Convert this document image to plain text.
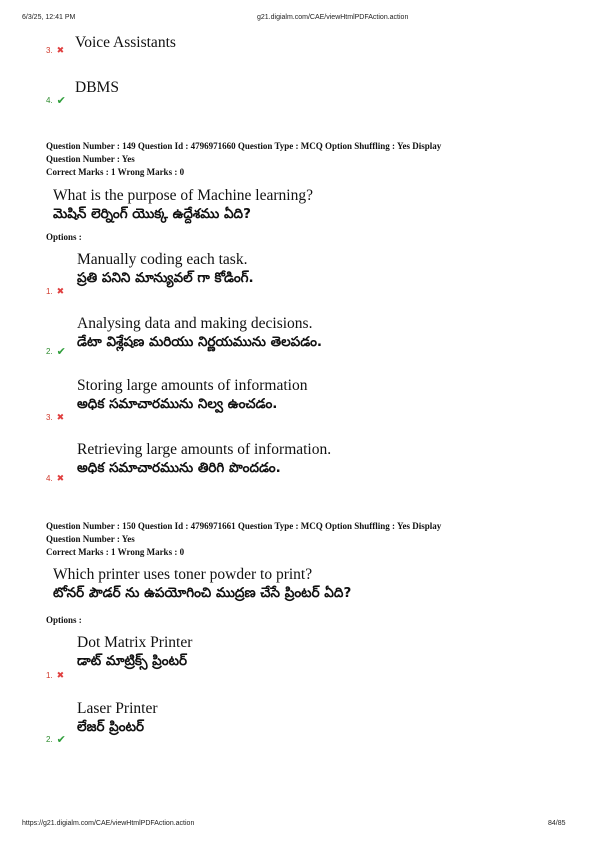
6/3/25, 12:41 PM	g21.digialm.com/CAE/viewHtmlPDFAction.action
Voice Assistants
3. ✖
DBMS
4. ✔
Question Number : 149 Question Id : 4796971660 Question Type : MCQ Option Shuffling : Yes Display
Question Number : Yes
Correct Marks : 1 Wrong Marks : 0
What is the purpose of Machine learning?
మెషిన్ లెర్నింగ్ యొక్క ఉద్దేశము ఏది?
Options :
Manually coding each task.
ప్రతి పనిని మాన్యువల్ గా కోడింగ్.
1. ✖
Analysing data and making decisions.
డేటా విశ్లేషణ మరియు నిర్ణయమును తెలపడం.
2. ✔
Storing large amounts of information
అధిక సమాచారమును నిల్వ ఉంచడం.
3. ✖
Retrieving large amounts of information.
అధిక సమాచారమును తిరిగి పొందడం.
4. ✖
Question Number : 150 Question Id : 4796971661 Question Type : MCQ Option Shuffling : Yes Display
Question Number : Yes
Correct Marks : 1 Wrong Marks : 0
Which printer uses toner powder to print?
టోనర్ పౌడర్ ను ఉపయోగించి ముద్రణ చేసే ప్రింటర్ ఏది?
Options :
Dot Matrix Printer
డాట్ మాట్రిక్స్ ప్రింటర్
1. ✖
Laser Printer
లేజర్ ప్రింటర్
2. ✔
https://g21.digialm.com/CAE/viewHtmlPDFAction.action	84/85
